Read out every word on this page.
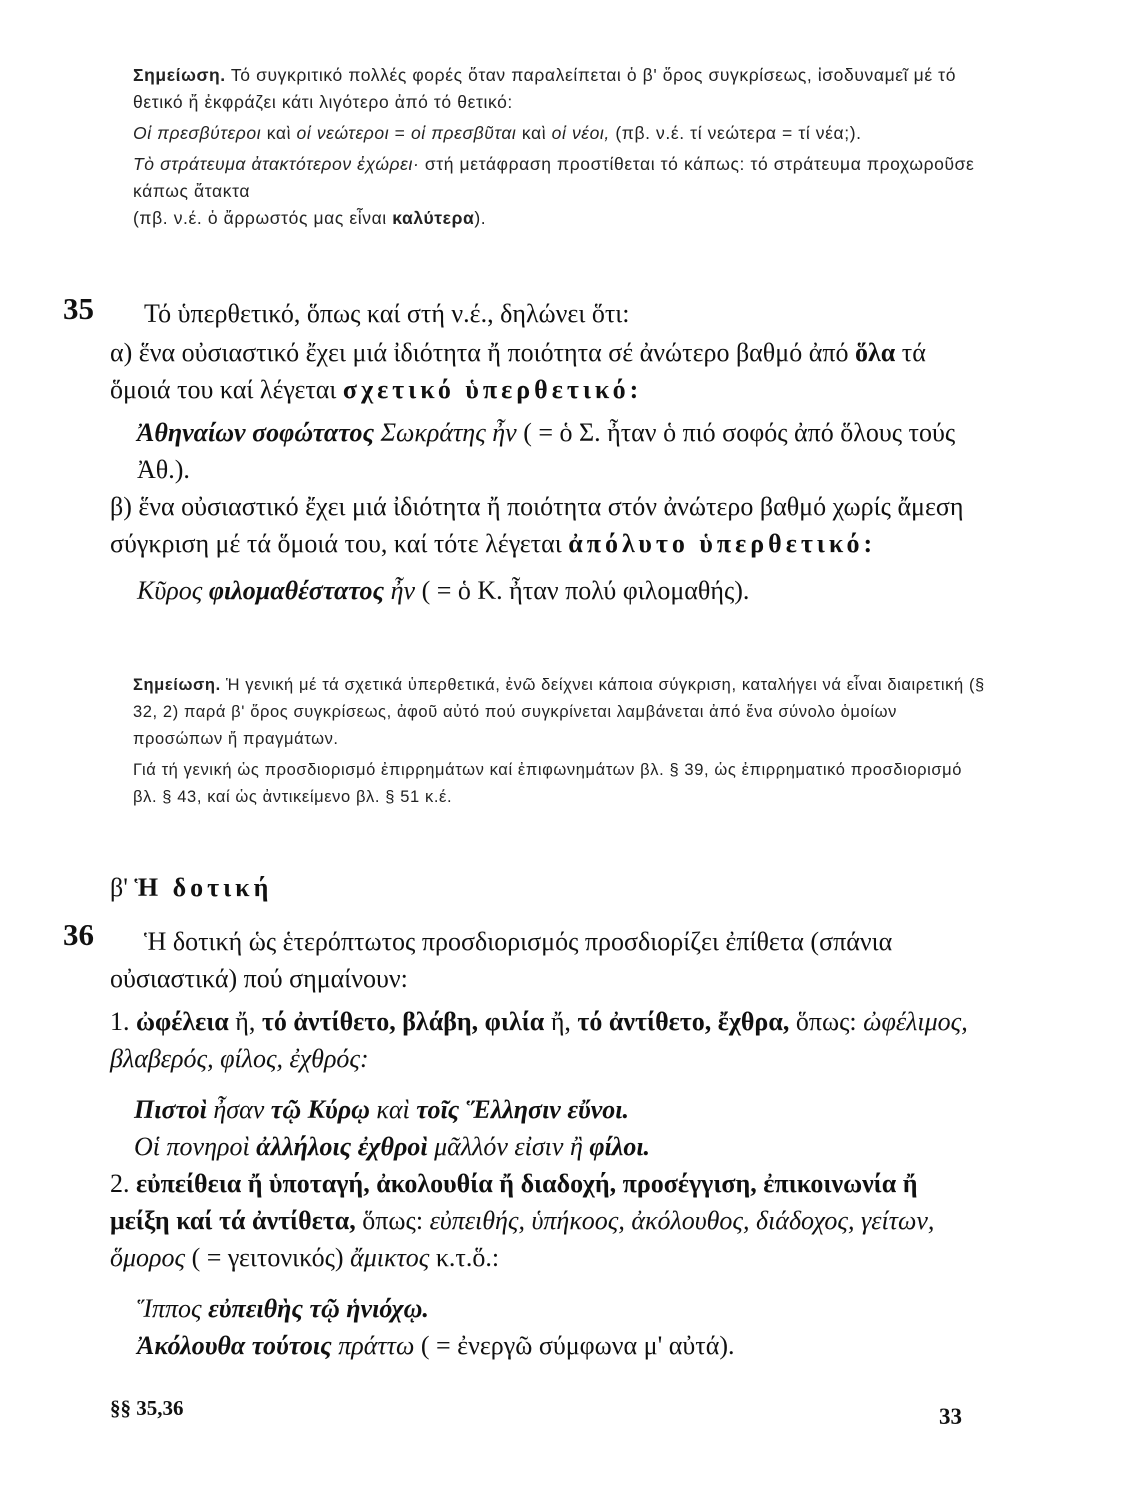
Σημείωση. Τό συγκριτικό πολλές φορές ὅταν παραλείπεται ὁ β' ὅρος συγκρίσεως, ἰσοδυναμεῖ μέ τό θετικό ἤ ἐκφράζει κάτι λιγότερο ἀπό τό θετικό:

Οἱ πρεσβύτεροι καὶ οἱ νεώτεροι = οἱ πρεσβῦται καὶ οἱ νέοι, (πβ. ν.έ. τί νεώτερα = τί νέα;).

Τὸ στράτευμα ἀτακτότερον ἐχώρει· στή μετάφραση προστίθεται τό κάπως: τό στράτευμα προχωροῦσε κάπως ἄτακτα
(πβ. ν.έ. ὁ ἄρρωστός μας εἶναι καλύτερα).

35	Τό ὑπερθετικό, ὅπως καί στή ν.έ., δηλώνει ὅτι:

α) ἕνα οὐσιαστικό ἔχει μιά ἰδιότητα ἤ ποιότητα σέ ἀνώτερο βαθμό ἀπό ὅλα τά ὅμοιά του καί λέγεται σχετικό ὑπερθετικό:

Ἀθηναίων σοφώτατος Σωκράτης ἦν ( = ὁ Σ. ἦταν ὁ πιό σοφός ἀπό ὅλους τούς Ἀθ.).

β) ἕνα οὐσιαστικό ἔχει μιά ἰδιότητα ἤ ποιότητα στόν ἀνώτερο βαθμό χωρίς ἄμεση σύγκριση μέ τά ὅμοιά του, καί τότε λέγεται ἀπόλυτο ὑπερθετικό:

Κῦρος φιλομαθέστατος ἦν ( = ὁ Κ. ἦταν πολύ φιλομαθής).

Σημείωση. Ἡ γενική μέ τά σχετικά ὑπερθετικά, ἐνῶ δείχνει κάποια σύγκριση, καταλήγει νά εἶναι διαιρετική (§ 32, 2) παρά β' ὅρος συγκρίσεως, ἀφοῦ αὐτό πού συγκρίνεται λαμβάνεται ἀπό ἕνα σύνολο ὁμοίων προσώπων ἤ πραγμάτων.

Γιά τή γενική ὡς προσδιορισμό ἐπιρρημάτων καί ἐπιφωνημάτων βλ. § 39, ὡς ἐπιρρηματικό προσδιορισμό βλ. § 43, καί ὡς ἀντικείμενο βλ. § 51 κ.έ.

β' Ἡ δοτική
36	Ἡ δοτική ὡς ἑτερόπτωτος προσδιορισμός προσδιορίζει ἐπίθετα (σπάνια οὐσιαστικά) πού σημαίνουν:

1. ὠφέλεια ἤ, τό ἀντίθετο, βλάβη, φιλία ἤ, τό ἀντίθετο, ἔχθρα, ὅπως: ὠφέλιμος, βλαβερός, φίλος, ἐχθρός:

Πιστοὶ ἦσαν τῷ Κύρῳ καὶ τοῖς Ἕλλησιν εὔνοι.

Οἱ πονηροὶ ἀλλήλοις ἐχθροὶ μᾶλλόν εἰσιν ἢ φίλοι.

2. εὐπείθεια ἤ ὑποταγή, ἀκολουθία ἤ διαδοχή, προσέγγιση, ἐπικοινωνία ἤ μείξη καί τά ἀντίθετα, ὅπως: εὐπειθής, ὑπήκοος, ἀκόλουθος, διάδοχος, γείτων, ὅμορος ( = γειτονικός) ἄμικτος κ.τ.ὅ.:

Ἵππος εὐπειθὴς τῷ ἡνιόχῳ.

Ἀκόλουθα τούτοις πράττω ( = ἐνεργῶ σύμφωνα μ' αὐτά).

§§ 35,36	33
